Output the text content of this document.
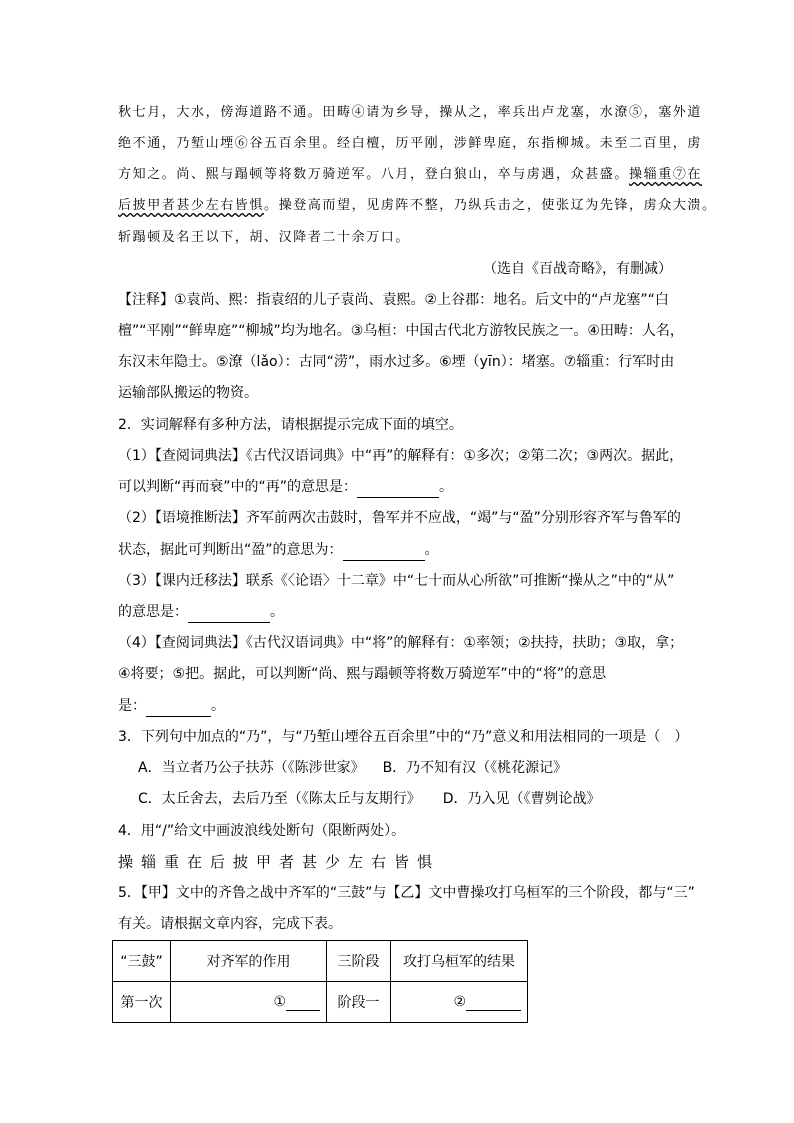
秋七月，大水，傍海道路不通。田畴④请为乡导，操从之，率兵出卢龙塞，水潦⑤，塞外道
绝不通，乃堑山堙⑥谷五百余里。经白檀，历平刚，涉鲜卑庭，东指柳城。未至二百里，虏
方知之。尚、熙与蹋顿等将数万骑逆军。八月，登白狼山，卒与虏遇，众甚盛。操辎重⑦在
后披甲者甚少左右皆惧。操登高而望，见虏阵不整，乃纵兵击之，使张辽为先锋，虏众大溃。
斩蹋顿及名王以下，胡、汉降者二十余万口。
（选自《百战奇略》，有删减）
【注释】①袁尚、熙：指袁绍的儿子袁尚、袁熙。②上谷郡：地名。后文中的“卢龙塞”“白
檀”“平刚”“鲜卑庭”“柳城”均为地名。③乌桓：中国古代北方游牧民族之一。④田畴：人名，
东汉末年隐士。⑤潦（lǎo）：古同“涝”，雨水过多。⑥堙（yīn）：堵塞。⑦辎重：行军时由
运输部队搬运的物资。
2．实词解释有多种方法，请根据提示完成下面的填空。
（1）【查阅词典法】《古代汉语词典》中“再”的解释有：①多次；②第二次；③两次。据此，
可以判断“再而衰”中的“再”的意思是：	。
（2）【语境推断法】齐军前两次击鼓时，鲁军并不应战，“竭”与“盈”分别形容齐军与鲁军的
状态，据此可判断出“盈”的意思为：	。
（3）【课内迁移法】联系《〈论语〉十二章》中“七十而从心所欲”可推断“操从之”中的“从”
的意思是：	。
（4）【查阅词典法】《古代汉语词典》中“将”的解释有：①率领；②扶持，扶助；③取，拿；
④将要；⑤把。据此，可以判断“尚、熙与蹋顿等将数万骑逆军”中的“将”的意思
是：	。
3．下列句中加点的“乃”，与“乃堑山堙谷五百余里”中的“乃”意义和用法相同的一项是（　）
A．当立者乃公子扶苏（《陈涉世家》 B．乃不知有汉（《桃花源记》
C．太丘舍去，去后乃至（《陈太丘与友期行》 D．乃入见（《曹刿论战》
4．用“/”给文中画波浪线处断句（限断两处）。
操辎重在后披甲者甚少左右皆惧
5．【甲】文中的齐鲁之战中齐军的“三鼓”与【乙】文中曹操攻打乌桓军的三个阶段，都与“三”
有关。请根据文章内容，完成下表。
“三鼓”	对齐军的作用	三阶段	攻打乌桓军的结果
第一次	①	阶段一	②
